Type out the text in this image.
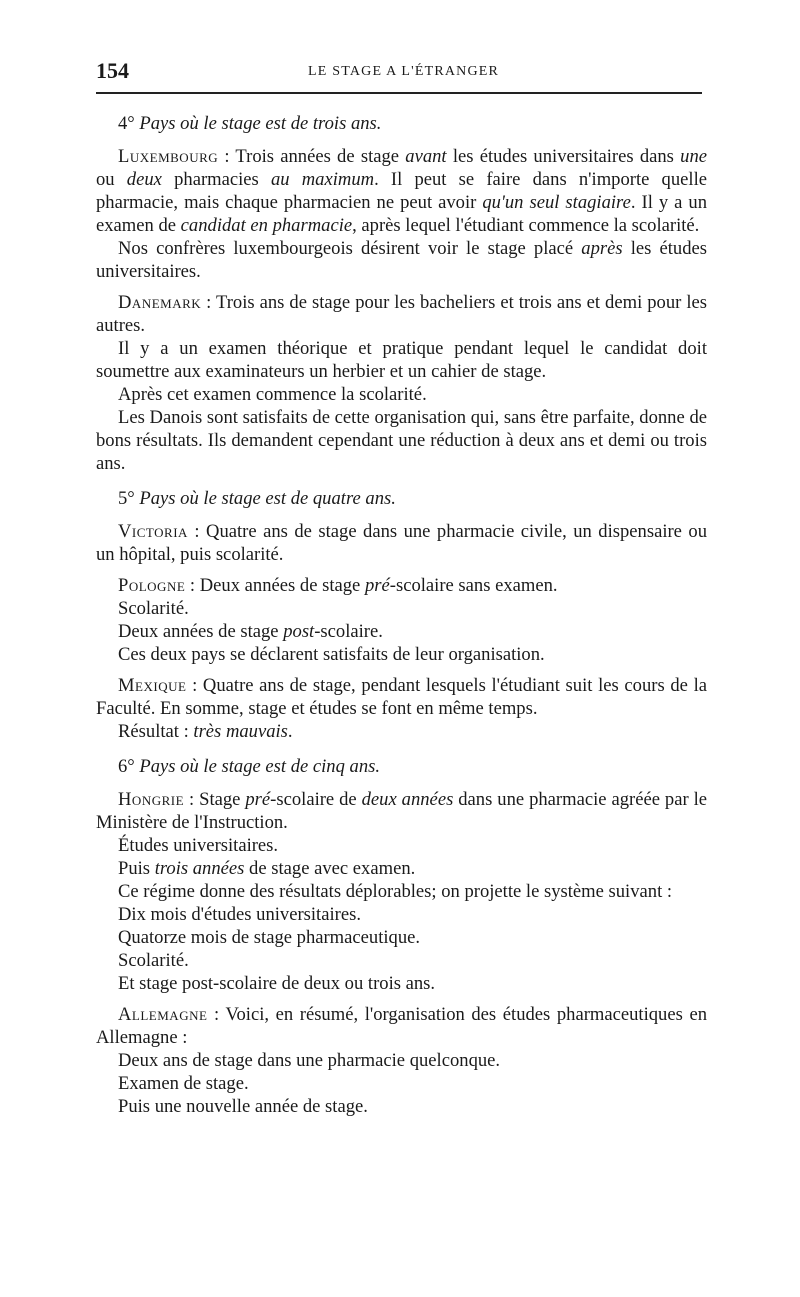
154	LE STAGE A L'ÉTRANGER

4° Pays où le stage est de trois ans.

Luxembourg : Trois années de stage avant les études universitaires dans une ou deux pharmacies au maximum. Il peut se faire dans n'importe quelle pharmacie, mais chaque pharmacien ne peut avoir qu'un seul stagiaire. Il y a un examen de candidat en pharmacie, après lequel l'étudiant commence la scolarité.

Nos confrères luxembourgeois désirent voir le stage placé après les études universitaires.

Danemark : Trois ans de stage pour les bacheliers et trois ans et demi pour les autres.

Il y a un examen théorique et pratique pendant lequel le candidat doit soumettre aux examinateurs un herbier et un cahier de stage.

Après cet examen commence la scolarité.

Les Danois sont satisfaits de cette organisation qui, sans être parfaite, donne de bons résultats. Ils demandent cependant une réduction à deux ans et demi ou trois ans.

5° Pays où le stage est de quatre ans.

Victoria : Quatre ans de stage dans une pharmacie civile, un dispensaire ou un hôpital, puis scolarité.

Pologne : Deux années de stage pré-scolaire sans examen.

Scolarité.

Deux années de stage post-scolaire.

Ces deux pays se déclarent satisfaits de leur organisation.

Mexique : Quatre ans de stage, pendant lesquels l'étudiant suit les cours de la Faculté. En somme, stage et études se font en même temps.

Résultat : très mauvais.

6° Pays où le stage est de cinq ans.

Hongrie : Stage pré-scolaire de deux années dans une pharmacie agréée par le Ministère de l'Instruction.

Études universitaires.

Puis trois années de stage avec examen.

Ce régime donne des résultats déplorables; on projette le système suivant :

Dix mois d'études universitaires.

Quatorze mois de stage pharmaceutique.

Scolarité.

Et stage post-scolaire de deux ou trois ans.

Allemagne : Voici, en résumé, l'organisation des études pharmaceutiques en Allemagne :

Deux ans de stage dans une pharmacie quelconque.

Examen de stage.

Puis une nouvelle année de stage.
